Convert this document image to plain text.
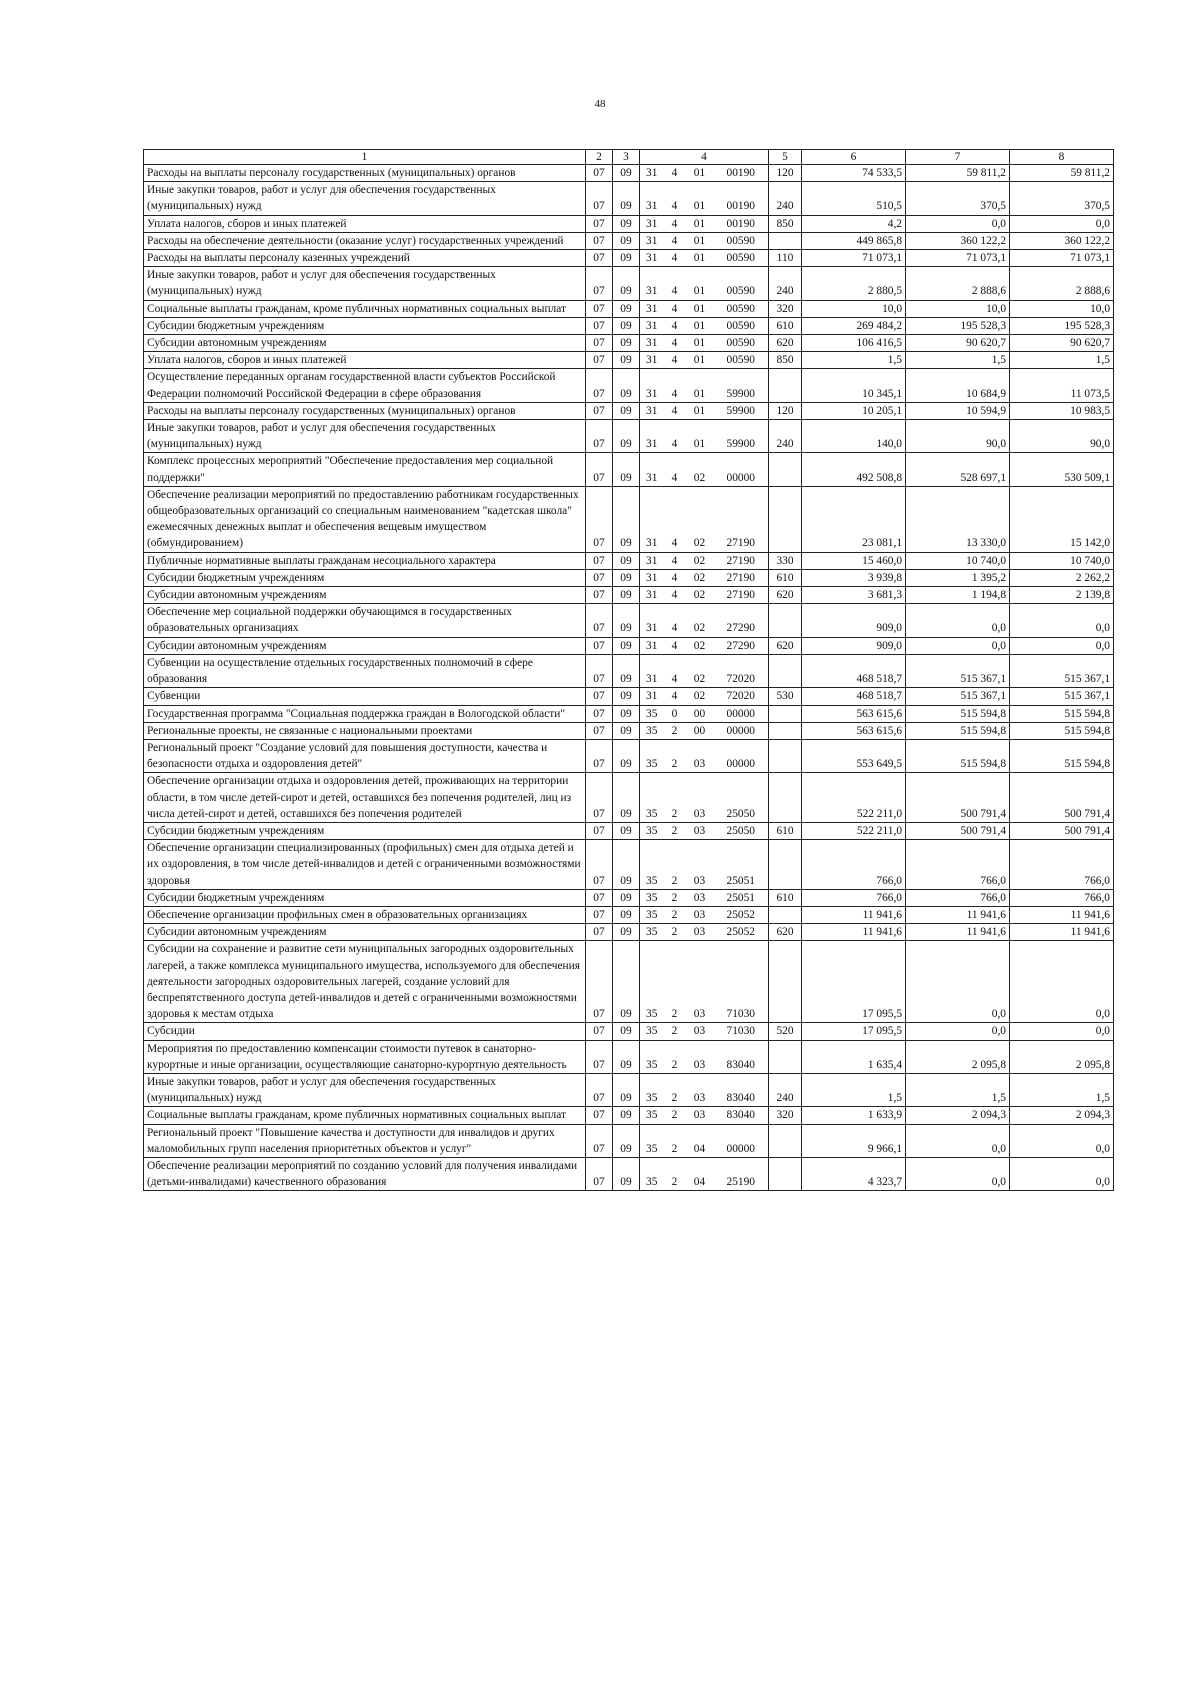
48
1	2	3	4				5	6	7	8
Расходы на выплаты персоналу государственных (муниципальных) органов	07	09	31	4	01	00190	120	74 533,5	59 811,2	59 811,2
Иные закупки товаров, работ и услуг для обеспечения государственных (муниципальных) нужд	07	09	31	4	01	00190	240	510,5	370,5	370,5
Уплата налогов, сборов и иных платежей	07	09	31	4	01	00190	850	4,2	0,0	0,0
Расходы на обеспечение деятельности (оказание услуг) государственных учреждений	07	09	31	4	01	00590		449 865,8	360 122,2	360 122,2
Расходы на выплаты персоналу казенных учреждений	07	09	31	4	01	00590	110	71 073,1	71 073,1	71 073,1
Иные закупки товаров, работ и услуг для обеспечения государственных (муниципальных) нужд	07	09	31	4	01	00590	240	2 880,5	2 888,6	2 888,6
Социальные выплаты гражданам, кроме публичных нормативных социальных выплат	07	09	31	4	01	00590	320	10,0	10,0	10,0
Субсидии бюджетным учреждениям	07	09	31	4	01	00590	610	269 484,2	195 528,3	195 528,3
Субсидии автономным учреждениям	07	09	31	4	01	00590	620	106 416,5	90 620,7	90 620,7
Уплата налогов, сборов и иных платежей	07	09	31	4	01	00590	850	1,5	1,5	1,5
Осуществление переданных органам государственной власти субъектов Российской Федерации полномочий Российской Федерации в сфере образования	07	09	31	4	01	59900		10 345,1	10 684,9	11 073,5
Расходы на выплаты персоналу государственных (муниципальных) органов	07	09	31	4	01	59900	120	10 205,1	10 594,9	10 983,5
Иные закупки товаров, работ и услуг для обеспечения государственных (муниципальных) нужд	07	09	31	4	01	59900	240	140,0	90,0	90,0
Комплекс процессных мероприятий "Обеспечение предоставления мер социальной поддержки"	07	09	31	4	02	00000		492 508,8	528 697,1	530 509,1
Обеспечение реализации мероприятий по предоставлению работникам государственных общеобразовательных организаций со специальным наименованием "кадетская школа" ежемесячных денежных выплат и обеспечения вещевым имуществом (обмундированием)	07	09	31	4	02	27190		23 081,1	13 330,0	15 142,0
Публичные нормативные выплаты гражданам несоциального характера	07	09	31	4	02	27190	330	15 460,0	10 740,0	10 740,0
Субсидии бюджетным учреждениям	07	09	31	4	02	27190	610	3 939,8	1 395,2	2 262,2
Субсидии автономным учреждениям	07	09	31	4	02	27190	620	3 681,3	1 194,8	2 139,8
Обеспечение мер социальной поддержки обучающимся в государственных образовательных организациях	07	09	31	4	02	27290		909,0	0,0	0,0
Субсидии автономным учреждениям	07	09	31	4	02	27290	620	909,0	0,0	0,0
Субвенции на осуществление отдельных государственных полномочий в сфере образования	07	09	31	4	02	72020		468 518,7	515 367,1	515 367,1
Субвенции	07	09	31	4	02	72020	530	468 518,7	515 367,1	515 367,1
Государственная программа "Социальная поддержка граждан в Вологодской области"	07	09	35	0	00	00000		563 615,6	515 594,8	515 594,8
Региональные проекты, не связанные с национальными проектами	07	09	35	2	00	00000		563 615,6	515 594,8	515 594,8
Региональный проект "Создание условий для повышения доступности, качества и безопасности отдыха и оздоровления детей"	07	09	35	2	03	00000		553 649,5	515 594,8	515 594,8
Обеспечение организации отдыха и оздоровления детей, проживающих на территории области, в том числе детей-сирот и детей, оставшихся без попечения родителей, лиц из числа детей-сирот и детей, оставшихся без попечения родителей	07	09	35	2	03	25050		522 211,0	500 791,4	500 791,4
Субсидии бюджетным учреждениям	07	09	35	2	03	25050	610	522 211,0	500 791,4	500 791,4
Обеспечение организации специализированных (профильных) смен для отдыха детей и их оздоровления, в том числе детей-инвалидов и детей с ограниченными возможностями здоровья	07	09	35	2	03	25051		766,0	766,0	766,0
Субсидии бюджетным учреждениям	07	09	35	2	03	25051	610	766,0	766,0	766,0
Обеспечение организации профильных смен в образовательных организациях	07	09	35	2	03	25052		11 941,6	11 941,6	11 941,6
Субсидии автономным учреждениям	07	09	35	2	03	25052	620	11 941,6	11 941,6	11 941,6
Субсидии на сохранение и развитие сети муниципальных загородных оздоровительных лагерей, а также комплекса муниципального имущества, используемого для обеспечения деятельности загородных оздоровительных лагерей, создание условий для беспрепятственного доступа детей-инвалидов и детей с ограниченными возможностями здоровья к местам отдыха	07	09	35	2	03	71030		17 095,5	0,0	0,0
Субсидии	07	09	35	2	03	71030	520	17 095,5	0,0	0,0
Мероприятия по предоставлению компенсации стоимости путевок в санаторно-курортные и иные организации, осуществляющие санаторно-курортную деятельность	07	09	35	2	03	83040		1 635,4	2 095,8	2 095,8
Иные закупки товаров, работ и услуг для обеспечения государственных (муниципальных) нужд	07	09	35	2	03	83040	240	1,5	1,5	1,5
Социальные выплаты гражданам, кроме публичных нормативных социальных выплат	07	09	35	2	03	83040	320	1 633,9	2 094,3	2 094,3
Региональный проект "Повышение качества и доступности для инвалидов и других маломобильных групп населения приоритетных объектов и услуг"	07	09	35	2	04	00000		9 966,1	0,0	0,0
Обеспечение реализации мероприятий по созданию условий для получения инвалидами (детьми-инвалидами) качественного образования	07	09	35	2	04	25190		4 323,7	0,0	0,0
